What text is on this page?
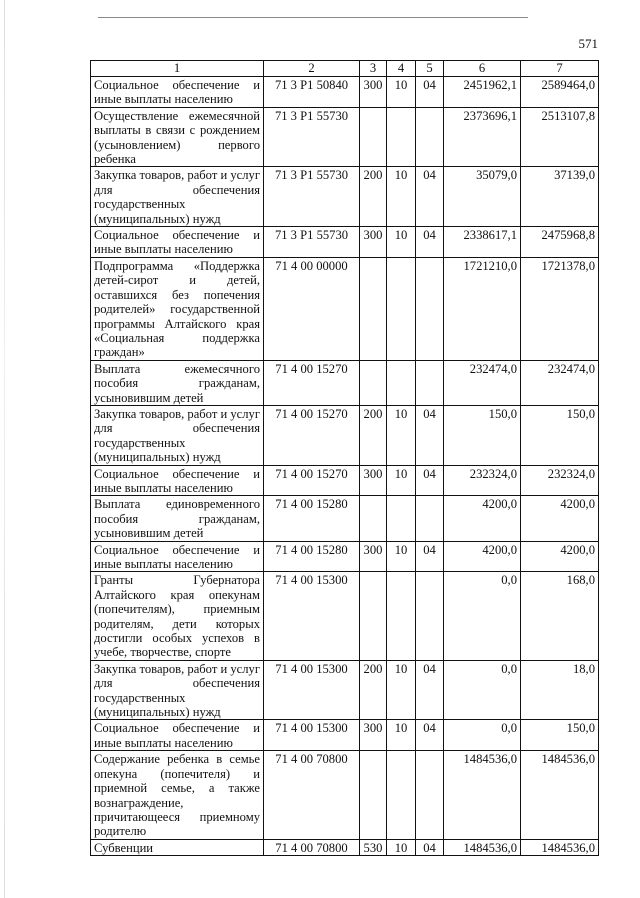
571
1	2	3	4	5	6	7
Социальное обеспечение и иные выплаты населению	71 3 P1 50840	300	10	04	2451962,1	2589464,0
Осуществление ежемесячной выплаты в связи с рождением (усыновлением) первого ребенка	71 3 P1 55730				2373696,1	2513107,8
Закупка товаров, работ и услуг для обеспечения государственных (муниципальных) нужд	71 3 P1 55730	200	10	04	35079,0	37139,0
Социальное обеспечение и иные выплаты населению	71 3 P1 55730	300	10	04	2338617,1	2475968,8
Подпрограмма «Поддержка детей-сирот и детей, оставшихся без попечения родителей» государственной программы Алтайского края «Социальная поддержка граждан»	71 4 00 00000				1721210,0	1721378,0
Выплата ежемесячного пособия гражданам, усыновившим детей	71 4 00 15270				232474,0	232474,0
Закупка товаров, работ и услуг для обеспечения государственных (муниципальных) нужд	71 4 00 15270	200	10	04	150,0	150,0
Социальное обеспечение и иные выплаты населению	71 4 00 15270	300	10	04	232324,0	232324,0
Выплата единовременного пособия гражданам, усыновившим детей	71 4 00 15280				4200,0	4200,0
Социальное обеспечение и иные выплаты населению	71 4 00 15280	300	10	04	4200,0	4200,0
Гранты Губернатора Алтайского края опекунам (попечителям), приемным родителям, дети которых достигли особых успехов в учебе, творчестве, спорте	71 4 00 15300				0,0	168,0
Закупка товаров, работ и услуг для обеспечения государственных (муниципальных) нужд	71 4 00 15300	200	10	04	0,0	18,0
Социальное обеспечение и иные выплаты населению	71 4 00 15300	300	10	04	0,0	150,0
Содержание ребенка в семье опекуна (попечителя) и приемной семье, а также вознаграждение, причитающееся приемному родителю	71 4 00 70800				1484536,0	1484536,0
Субвенции	71 4 00 70800	530	10	04	1484536,0	1484536,0
